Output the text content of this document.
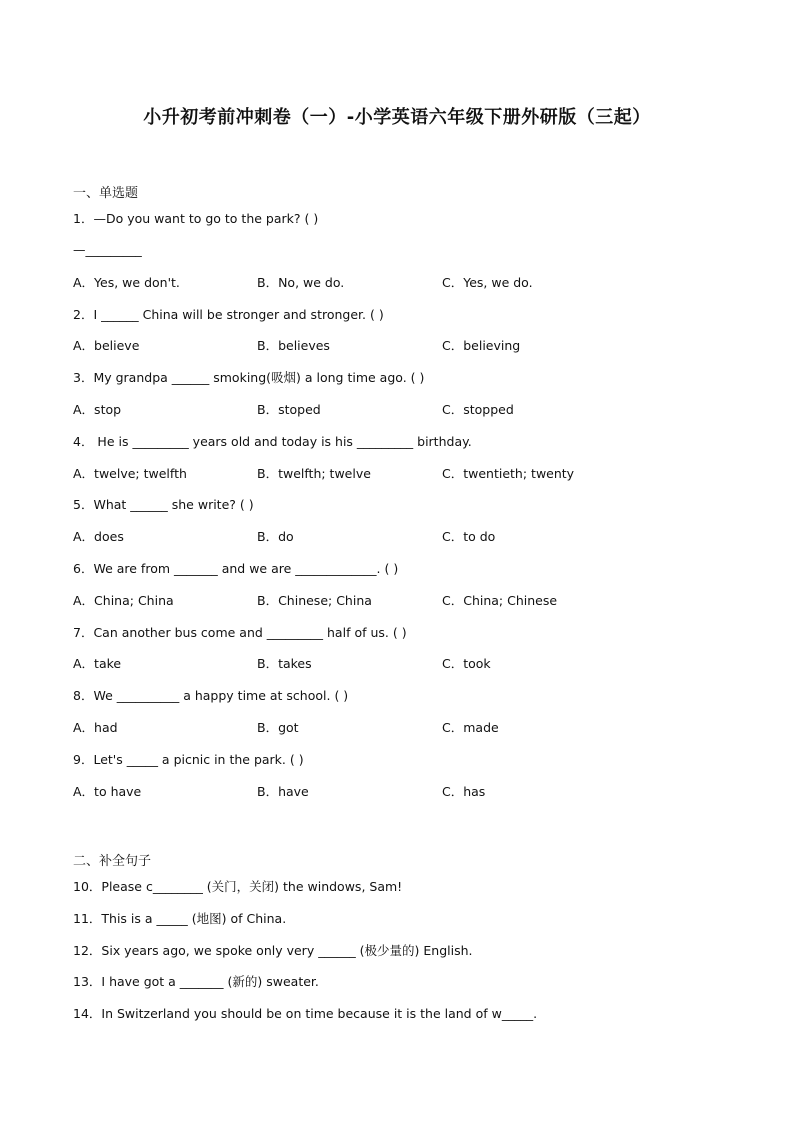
小升初考前冲刺卷（一）-小学英语六年级下册外研版（三起）
一、单选题
1．—Do you want to go to the park? ( )
—_________
A．Yes, we don't.	B．No, we do.	C．Yes, we do.
2．I ______ China will be stronger and stronger. ( )
A．believe	B．believes	C．believing
3．My grandpa ______ smoking(吸烟) a long time ago. ( )
A．stop	B．stoped	C．stopped
4． He is _________ years old and today is his _________ birthday.
A．twelve; twelfth	B．twelfth; twelve	C．twentieth; twenty
5．What ______ she write? ( )
A．does	B．do	C．to do
6．We are from _______ and we are _____________. ( )
A．China; China	B．Chinese; China	C．China; Chinese
7．Can another bus come and _________ half of us. ( )
A．take	B．takes	C．took
8．We __________ a happy time at school. ( )
A．had	B．got	C．made
9．Let's _____ a picnic in the park. ( )
A．to have	B．have	C．has
二、补全句子
10．Please c________ (关门，关闭) the windows, Sam!
11．This is a _____ (地图) of China.
12．Six years ago, we spoke only very ______ (极少量的) English.
13．I have got a _______ (新的) sweater.
14．In Switzerland you should be on time because it is the land of w_____.
